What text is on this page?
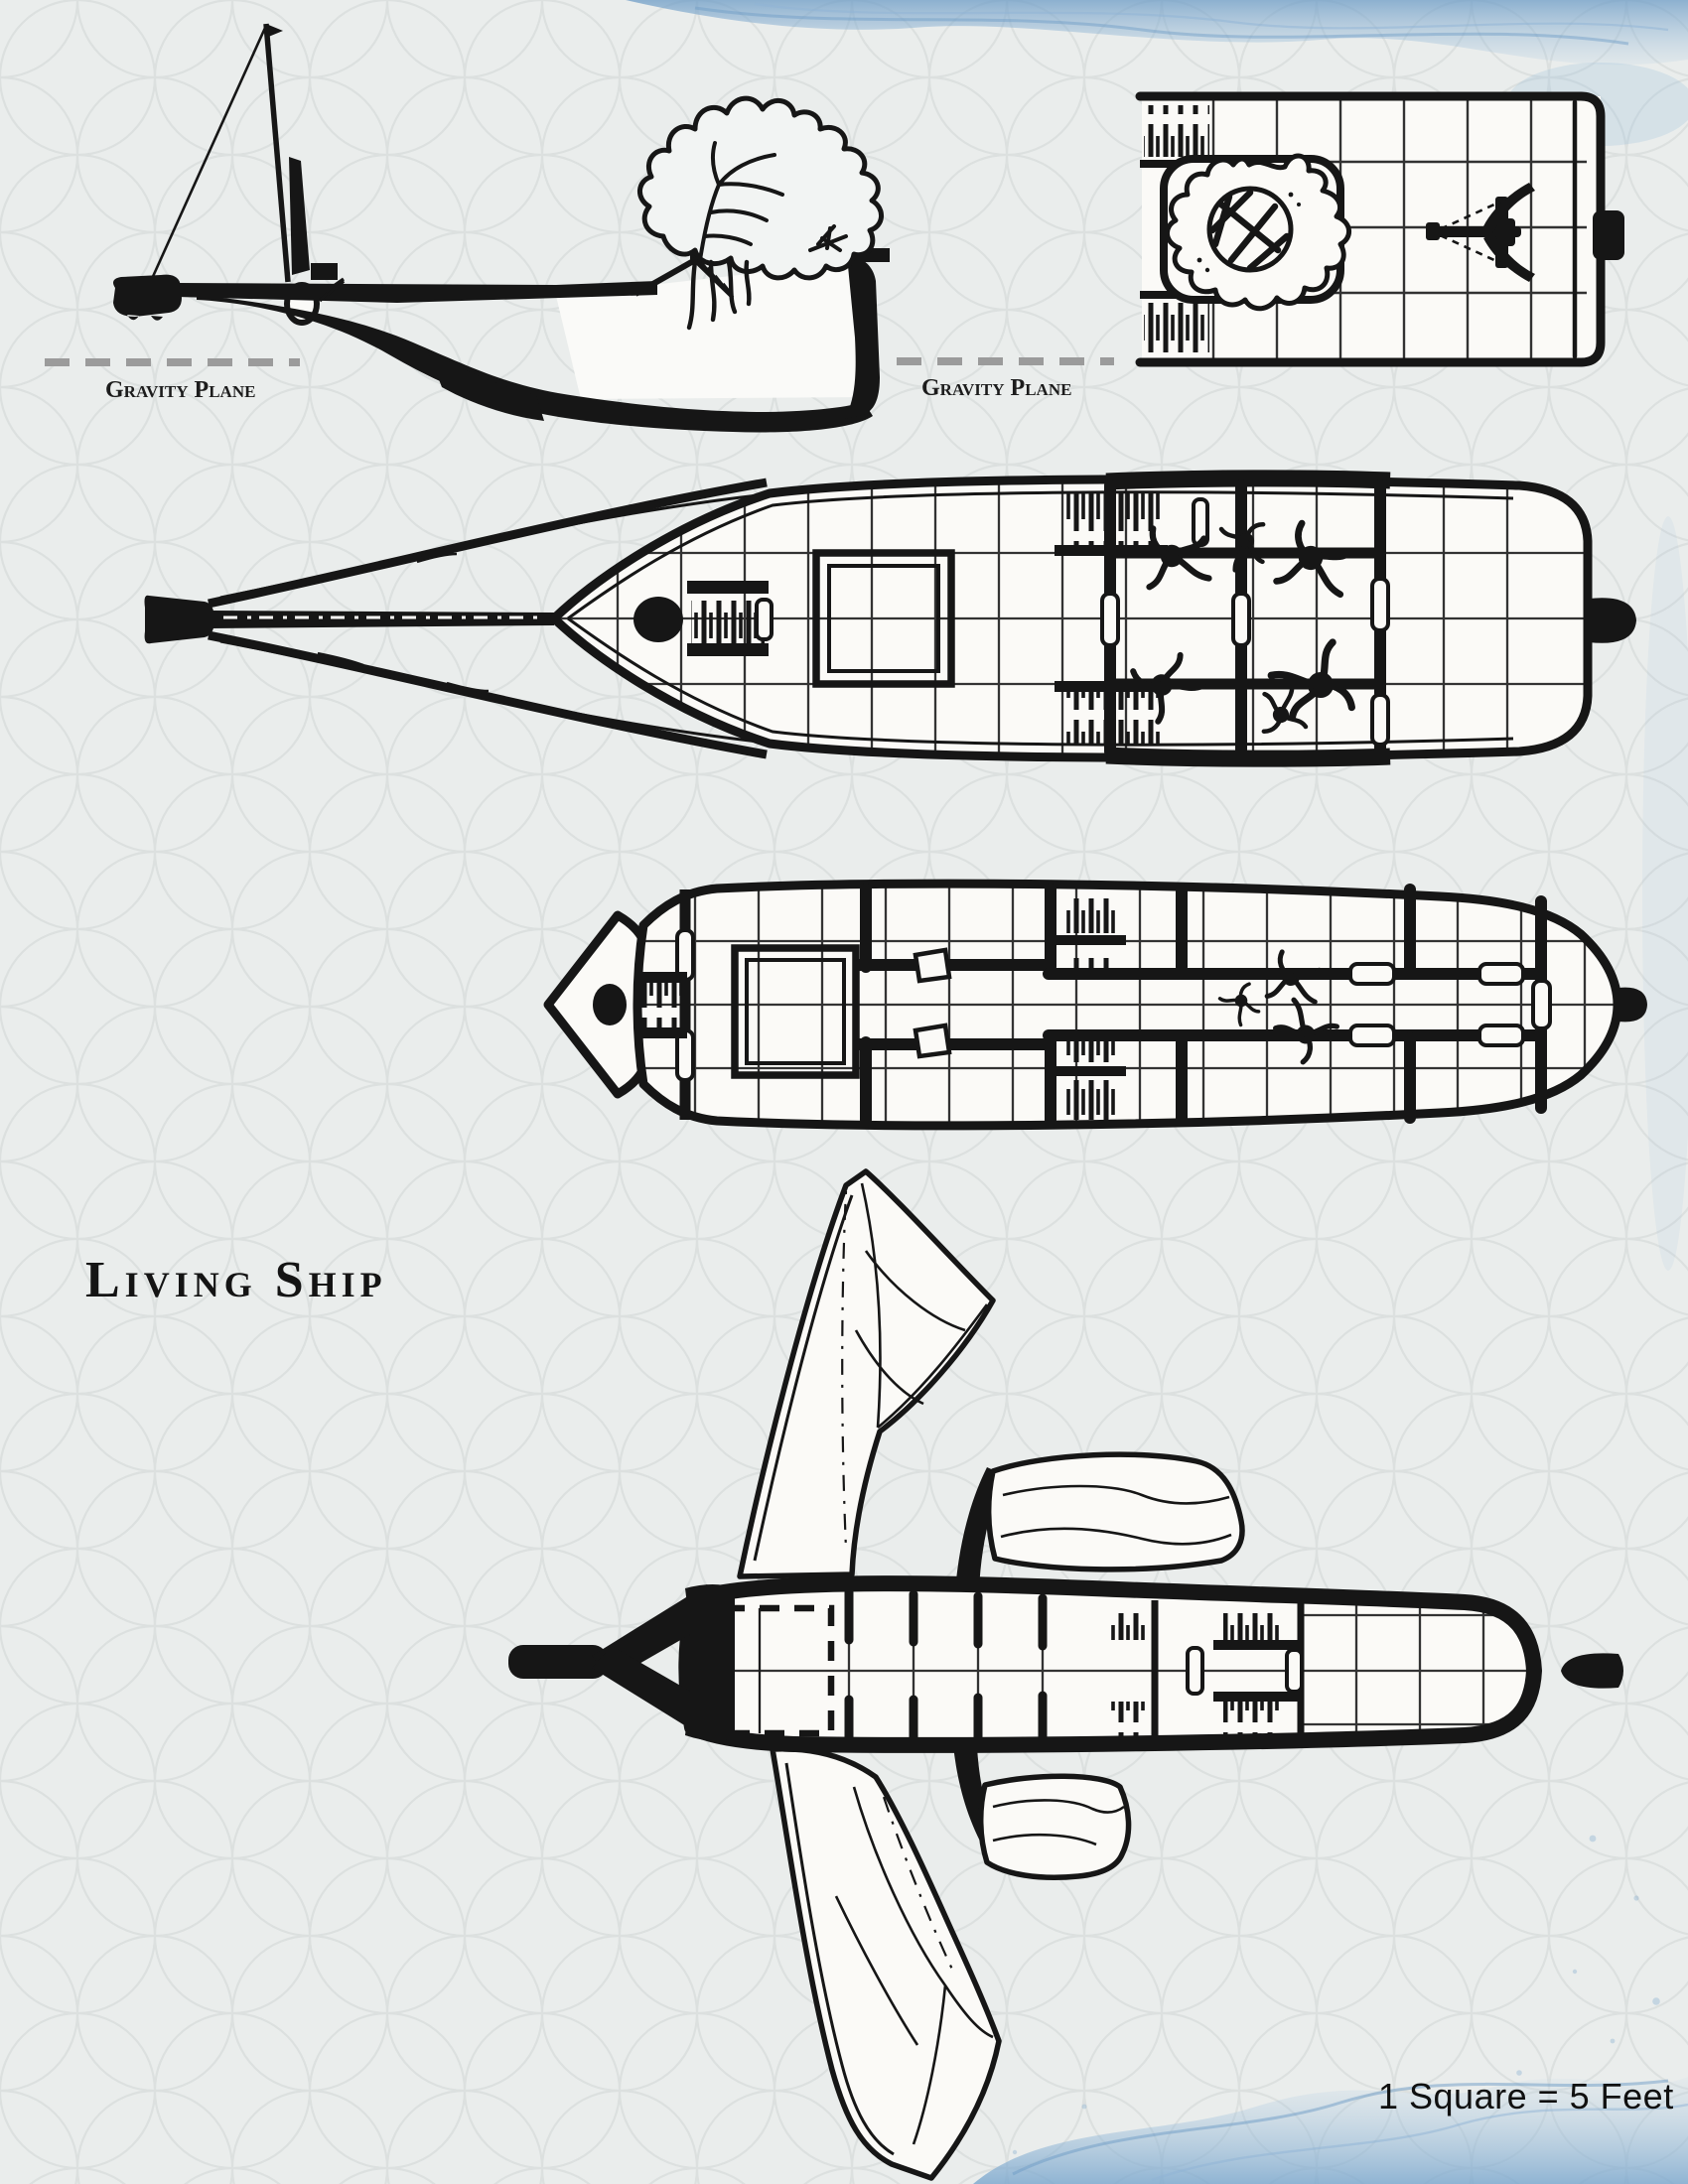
Gravity Plane	Gravity Plane
Living Ship
1 Square = 5 Feet
